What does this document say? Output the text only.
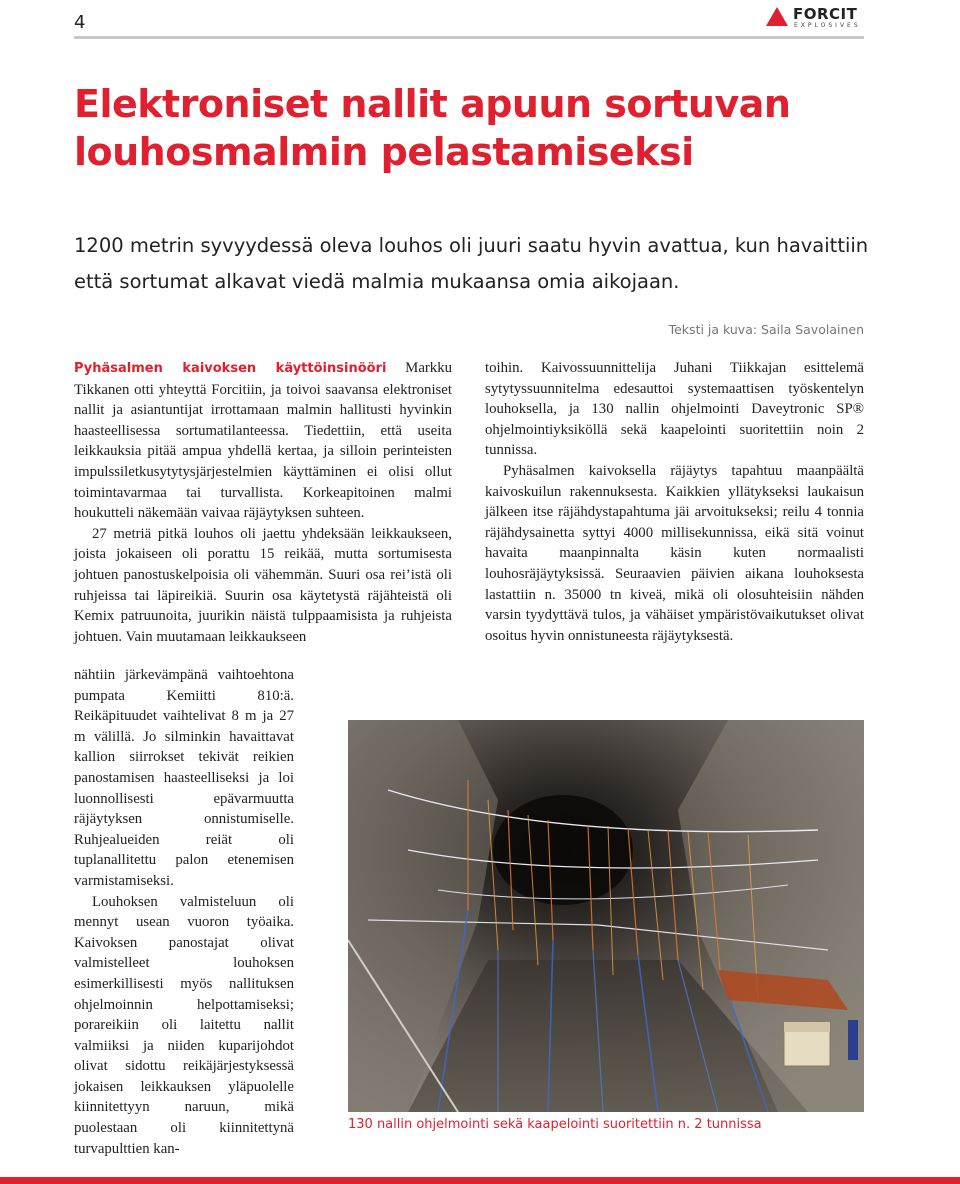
4	FORCIT
EXPLOSIVES
Elektroniset nallit apuun sortuvan louhosmalmin pelastamiseksi

1200 metrin syvyydessä oleva louhos oli juuri saatu hyvin avattua, kun havaittiin että sortumat alkavat viedä malmia mukaansa omia aikojaan.

Teksti ja kuva: Saila Savolainen

Pyhäsalmen kaivoksen käyttöinsinööri Markku Tikkanen otti yhteyttä Forcitiin, ja toivoi saavansa elektroniset nallit ja asiantuntijat irrottamaan malmin hallitusti hyvinkin haasteellisessa sortumatilanteessa. Tiedettiin, että useita leikkauksia pitää ampua yhdellä kertaa, ja silloin perinteisten impulssiletkusytytysjärjestelmien käyttäminen ei olisi ollut toimintavarmaa tai turvallista. Korkeapitoinen malmi houkutteli näkemään vaivaa räjäytyksen suhteen.

27 metriä pitkä louhos oli jaettu yhdeksään leikkaukseen, joista jokaiseen oli porattu 15 reikää, mutta sortumisesta johtuen panostuskelpoisia oli vähemmän. Suuri osa rei’istä oli ruhjeissa tai läpireikiä. Suurin osa käytetystä räjähteistä oli Kemix patruunoita, juurikin näistä tulppaamisista ja ruhjeista johtuen. Vain muutamaan leikkaukseen

nähtiin järkevämpänä vaihtoehtona pumpata Kemiitti 810:ä. Reikäpituudet vaihtelivat 8 m ja 27 m välillä. Jo silminkin havaittavat kallion siirrokset tekivät reikien panostamisen haasteelliseksi ja loi luonnollisesti epävarmuutta räjäytyksen onnistumiselle. Ruhjealueiden reiät oli tuplanallitettu palon etenemisen varmistamiseksi.

Louhoksen valmisteluun oli mennyt usean vuoron työaika. Kaivoksen panostajat olivat valmistelleet louhoksen esimerkillisesti myös nallituksen ohjelmoinnin helpottamiseksi; porareikiin oli laitettu nallit valmiiksi ja niiden kuparijohdot olivat sidottu reikäjärjestyksessä jokaisen leikkauksen yläpuolelle kiinnitettyyn naruun, mikä puolestaan oli kiinnitettynä turvapulttien kan-

toihin. Kaivossuunnittelija Juhani Tiikkajan esittelemä sytytyssuunnitelma edesauttoi systemaattisen työskentelyn louhoksella, ja 130 nallin ohjelmointi Daveytronic SP® ohjelmointiyksiköllä sekä kaapelointi suoritettiin noin 2 tunnissa.

Pyhäsalmen kaivoksella räjäytys tapahtuu maanpäältä kaivoskuilun rakennuksesta. Kaikkien yllätykseksi laukaisun jälkeen itse räjähdystapahtuma jäi arvoitukseksi; reilu 4 tonnia räjähdysainetta syttyi 4000 millisekunnissa, eikä sitä voinut havaita maanpinnalta käsin kuten normaalisti louhosräjäytyksissä. Seuraavien päivien aikana louhoksesta lastattiin n. 35000 tn kiveä, mikä oli olosuhteisiin nähden varsin tyydyttävä tulos, ja vähäiset ympäristövaikutukset olivat osoitus hyvin onnistuneesta räjäytyksestä.

130 nallin ohjelmointi sekä kaapelointi suoritettiin n. 2 tunnissa
